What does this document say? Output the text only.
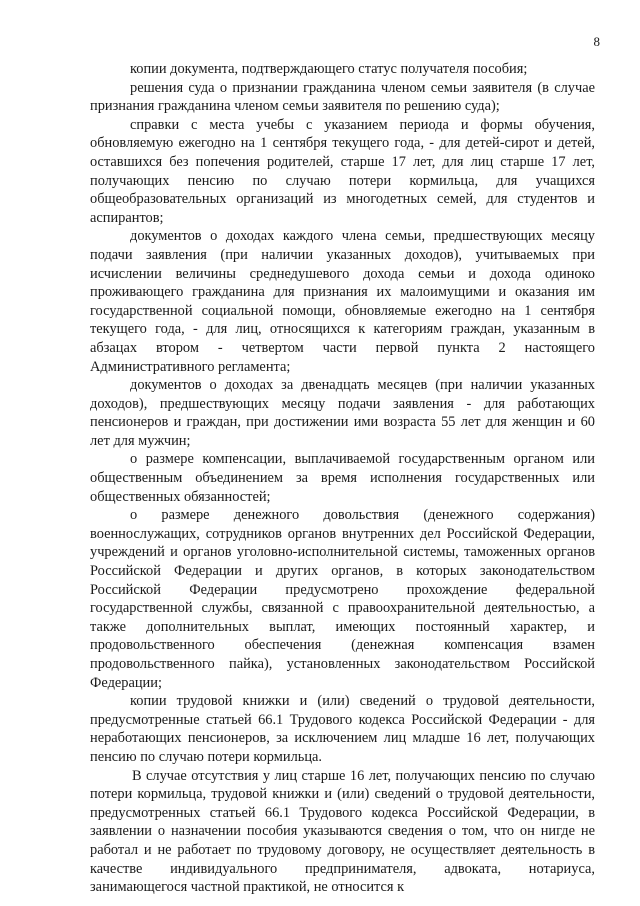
8

копии документа, подтверждающего статус получателя пособия;

решения суда о признании гражданина членом семьи заявителя (в случае признания гражданина членом семьи заявителя по решению суда);

справки с места учебы с указанием периода и формы обучения, обновляемую ежегодно на 1 сентября текущего года, - для детей-сирот и детей, оставшихся без попечения родителей, старше 17 лет, для лиц старше 17 лет, получающих пенсию по случаю потери кормильца, для учащихся общеобразовательных организаций из многодетных семей, для студентов и аспирантов;

документов о доходах каждого члена семьи, предшествующих месяцу подачи заявления (при наличии указанных доходов), учитываемых при исчислении величины среднедушевого дохода семьи и дохода одиноко проживающего гражданина для признания их малоимущими и оказания им государственной социальной помощи, обновляемые ежегодно на 1 сентября текущего года, - для лиц, относящихся к категориям граждан, указанным в абзацах втором - четвертом части первой пункта 2 настоящего Административного регламента;

документов о доходах за двенадцать месяцев (при наличии указанных доходов), предшествующих месяцу подачи заявления - для работающих пенсионеров и граждан, при достижении ими возраста 55 лет для женщин и 60 лет для мужчин;

о размере компенсации, выплачиваемой государственным органом или общественным объединением за время исполнения государственных или общественных обязанностей;

о размере денежного довольствия (денежного содержания) военнослужащих, сотрудников органов внутренних дел Российской Федерации, учреждений и органов уголовно-исполнительной системы, таможенных органов Российской Федерации и других органов, в которых законодательством Российской Федерации предусмотрено прохождение федеральной государственной службы, связанной с правоохранительной деятельностью, а также дополнительных выплат, имеющих постоянный характер, и продовольственного обеспечения (денежная компенсация взамен продовольственного пайка), установленных законодательством Российской Федерации;

копии трудовой книжки и (или) сведений о трудовой деятельности, предусмотренные статьей 66.1 Трудового кодекса Российской Федерации - для неработающих пенсионеров, за исключением лиц младше 16 лет, получающих пенсию по случаю потери кормильца.

В случае отсутствия у лиц старше 16 лет, получающих пенсию по случаю потери кормильца, трудовой книжки и (или) сведений о трудовой деятельности, предусмотренных статьей 66.1 Трудового кодекса Российской Федерации, в заявлении о назначении пособия указываются сведения о том, что он нигде не работал и не работает по трудовому договору, не осуществляет деятельность в качестве индивидуального предпринимателя, адвоката, нотариуса, занимающегося частной практикой, не относится к
